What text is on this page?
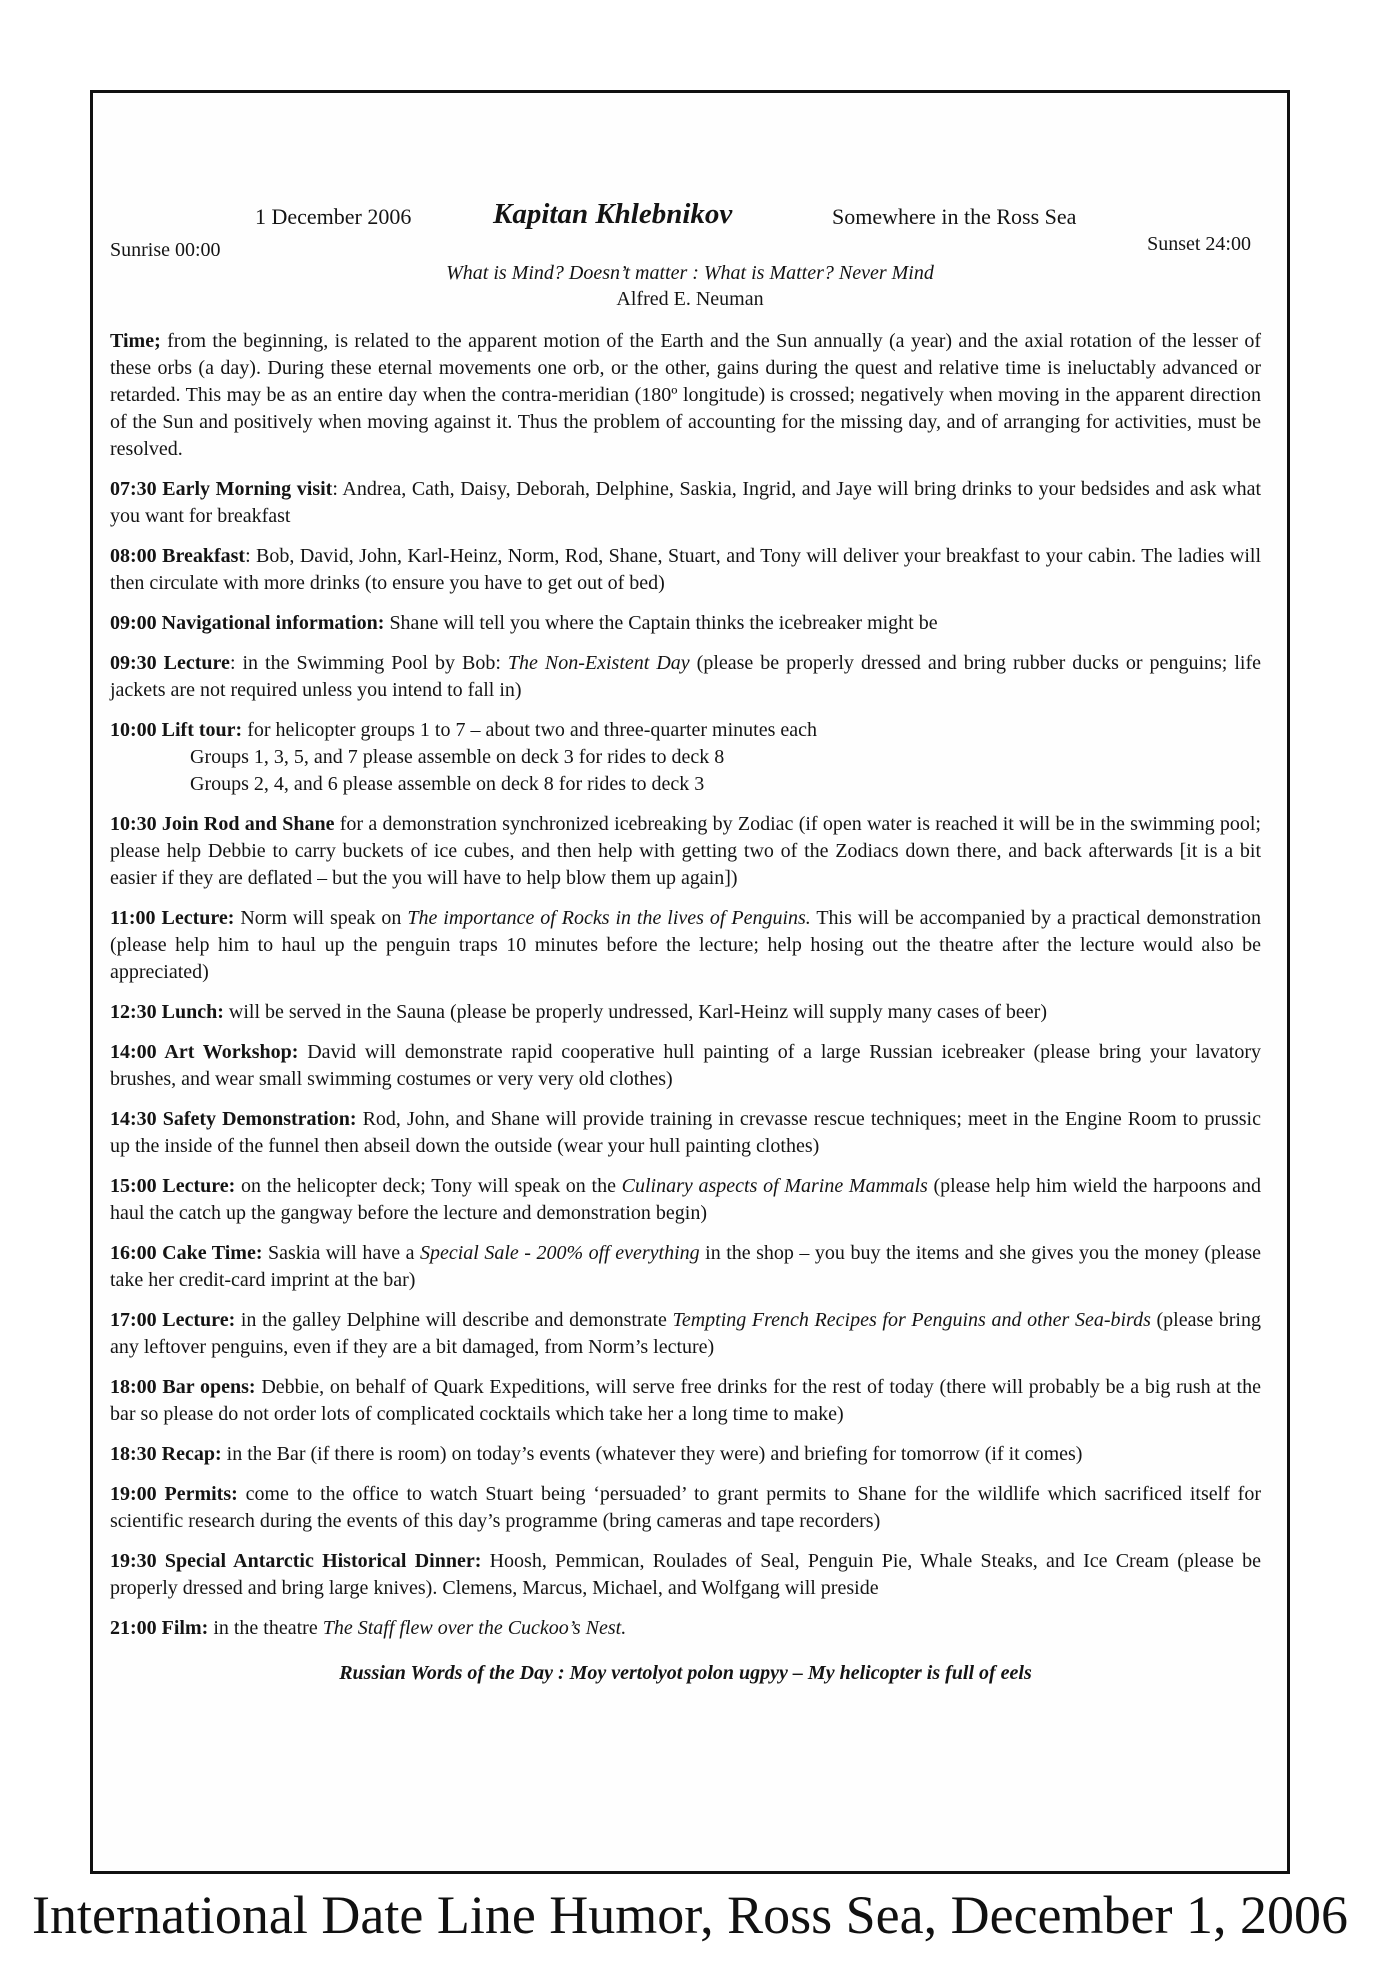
1 December 2006	Kapitan Khlebnikov	Somewhere in the Ross Sea
Sunrise 00:00	Sunset 24:00
What is Mind? Doesn’t matter : What is Matter? Never Mind
Alfred E. Neuman

Time; from the beginning, is related to the apparent motion of the Earth and the Sun annually (a year) and the axial rotation of the lesser of these orbs (a day). During these eternal movements one orb, or the other, gains during the quest and relative time is ineluctably advanced or retarded. This may be as an entire day when the contra-meridian (180º longitude) is crossed; negatively when moving in the apparent direction of the Sun and positively when moving against it. Thus the problem of accounting for the missing day, and of arranging for activities, must be resolved.

07:30 Early Morning visit: Andrea, Cath, Daisy, Deborah, Delphine, Saskia, Ingrid, and Jaye will bring drinks to your bedsides and ask what you want for breakfast

08:00 Breakfast: Bob, David, John, Karl-Heinz, Norm, Rod, Shane, Stuart, and Tony will deliver your breakfast to your cabin. The ladies will then circulate with more drinks (to ensure you have to get out of bed)

09:00 Navigational information: Shane will tell you where the Captain thinks the icebreaker might be

09:30 Lecture: in the Swimming Pool by Bob: The Non-Existent Day (please be properly dressed and bring rubber ducks or penguins; life jackets are not required unless you intend to fall in)

10:00 Lift tour: for helicopter groups 1 to 7 – about two and three-quarter minutes each
Groups 1, 3, 5, and 7 please assemble on deck 3 for rides to deck 8
Groups 2, 4, and 6 please assemble on deck 8 for rides to deck 3

10:30 Join Rod and Shane for a demonstration synchronized icebreaking by Zodiac (if open water is reached it will be in the swimming pool; please help Debbie to carry buckets of ice cubes, and then help with getting two of the Zodiacs down there, and back afterwards [it is a bit easier if they are deflated – but the you will have to help blow them up again])

11:00 Lecture: Norm will speak on The importance of Rocks in the lives of Penguins. This will be accompanied by a practical demonstration (please help him to haul up the penguin traps 10 minutes before the lecture; help hosing out the theatre after the lecture would also be appreciated)

12:30 Lunch: will be served in the Sauna (please be properly undressed, Karl-Heinz will supply many cases of beer)

14:00 Art Workshop: David will demonstrate rapid cooperative hull painting of a large Russian icebreaker (please bring your lavatory brushes, and wear small swimming costumes or very very old clothes)

14:30 Safety Demonstration: Rod, John, and Shane will provide training in crevasse rescue techniques; meet in the Engine Room to prussic up the inside of the funnel then abseil down the outside (wear your hull painting clothes)

15:00 Lecture: on the helicopter deck; Tony will speak on the Culinary aspects of Marine Mammals (please help him wield the harpoons and haul the catch up the gangway before the lecture and demonstration begin)

16:00 Cake Time: Saskia will have a Special Sale - 200% off everything in the shop – you buy the items and she gives you the money (please take her credit-card imprint at the bar)

17:00 Lecture: in the galley Delphine will describe and demonstrate Tempting French Recipes for Penguins and other Sea-birds (please bring any leftover penguins, even if they are a bit damaged, from Norm’s lecture)

18:00 Bar opens: Debbie, on behalf of Quark Expeditions, will serve free drinks for the rest of today (there will probably be a big rush at the bar so please do not order lots of complicated cocktails which take her a long time to make)

18:30 Recap: in the Bar (if there is room) on today’s events (whatever they were) and briefing for tomorrow (if it comes)

19:00 Permits: come to the office to watch Stuart being ‘persuaded’ to grant permits to Shane for the wildlife which sacrificed itself for scientific research during the events of this day’s programme (bring cameras and tape recorders)

19:30 Special Antarctic Historical Dinner: Hoosh, Pemmican, Roulades of Seal, Penguin Pie, Whale Steaks, and Ice Cream (please be properly dressed and bring large knives). Clemens, Marcus, Michael, and Wolfgang will preside

21:00 Film: in the theatre The Staff flew over the Cuckoo’s Nest.

Russian Words of the Day : Moy vertolyot polon ugpyy – My helicopter is full of eels
International Date Line Humor, Ross Sea, December 1, 2006
